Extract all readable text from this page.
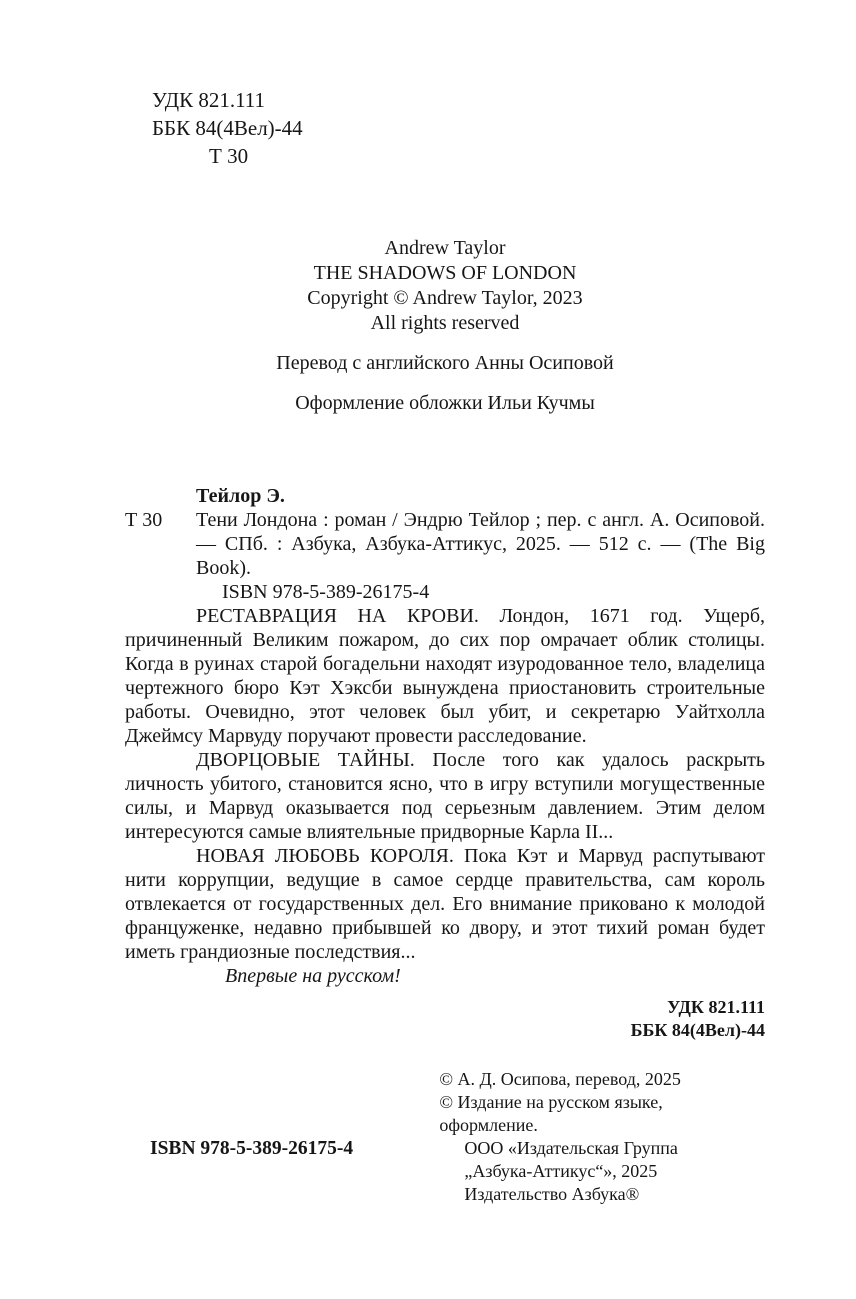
УДК 821.111
ББК 84(4Вел)-44
Т 30
Andrew Taylor
THE SHADOWS OF LONDON
Copyright © Andrew Taylor, 2023
All rights reserved
Перевод с английского Анны Осиповой
Оформление обложки Ильи Кучмы
Тейлор Э.
Т 30 Тени Лондона : роман / Эндрю Тейлор ; пер. с англ. А. Осиповой. — СПб. : Азбука, Азбука-Аттикус, 2025. — 512 с. — (The Big Book).
ISBN 978-5-389-26175-4

РЕСТАВРАЦИЯ НА КРОВИ. Лондон, 1671 год. Ущерб, причиненный Великим пожаром, до сих пор омрачает облик столицы. Когда в руинах старой богадельни находят изуродованное тело, владелица чертежного бюро Кэт Хэксби вынуждена приостановить строительные работы. Очевидно, этот человек был убит, и секретарю Уайтхолла Джеймсу Марвуду поручают провести расследование.

ДВОРЦОВЫЕ ТАЙНЫ. После того как удалось раскрыть личность убитого, становится ясно, что в игру вступили могущественные силы, и Марвуд оказывается под серьезным давлением. Этим делом интересуются самые влиятельные придворные Карла II...

НОВАЯ ЛЮБОВЬ КОРОЛЯ. Пока Кэт и Марвуд распутывают нити коррупции, ведущие в самое сердце правительства, сам король отвлекается от государственных дел. Его внимание приковано к молодой француженке, недавно прибывшей ко двору, и этот тихий роман будет иметь грандиозные последствия...

Впервые на русском!
УДК 821.111
ББК 84(4Вел)-44
ISBN 978-5-389-26175-4
© А. Д. Осипова, перевод, 2025
© Издание на русском языке, оформление.
ООО «Издательская Группа
„Азбука-Аттикус“», 2025
Издательство Азбука®
